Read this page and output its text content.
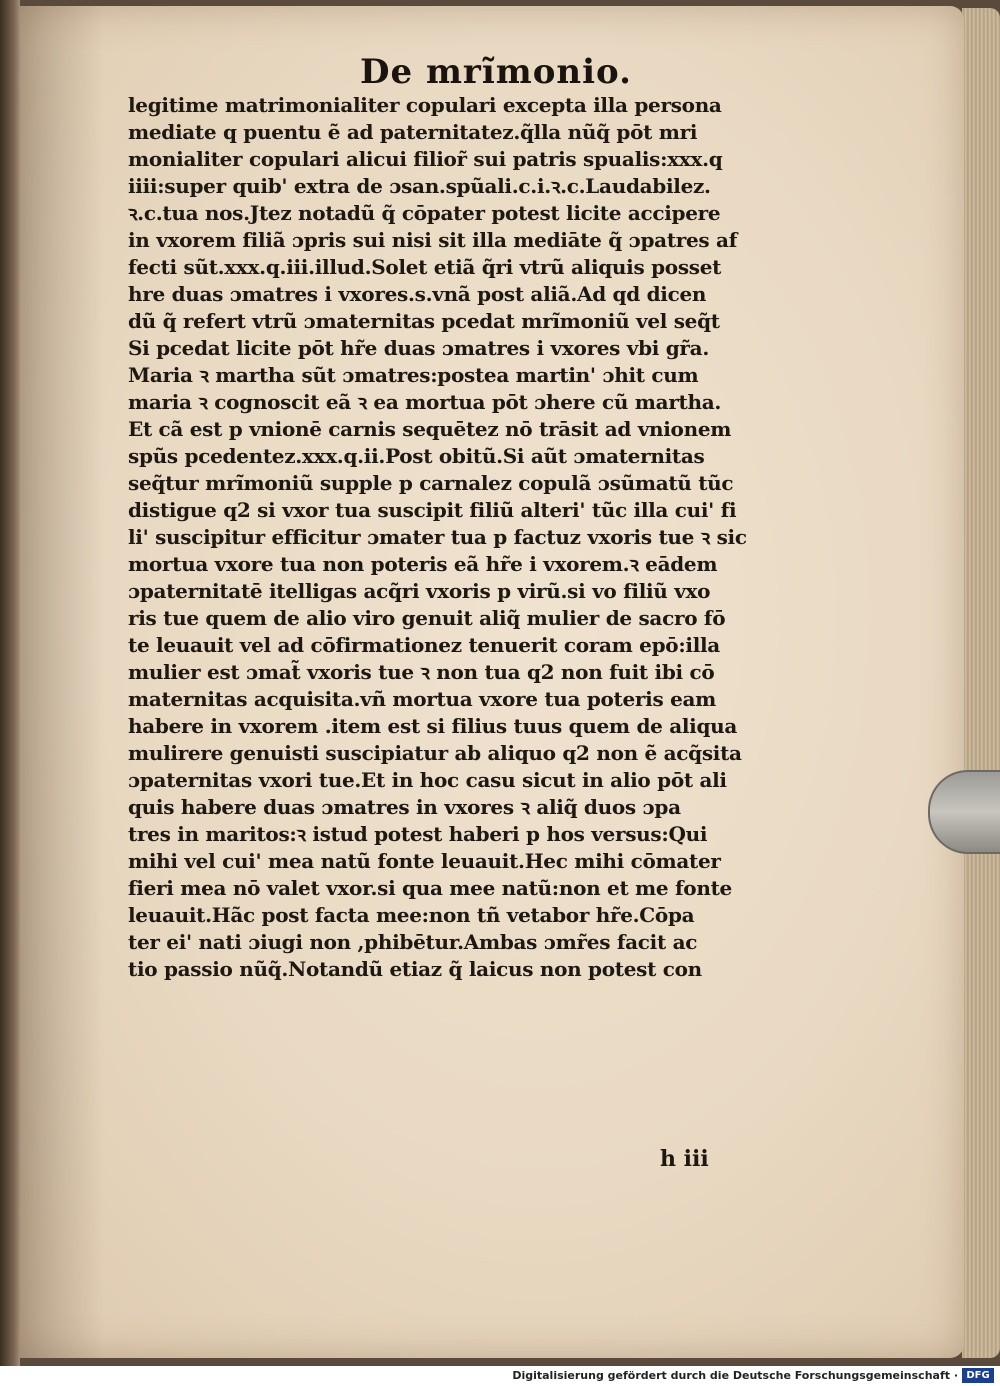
De mrĩmonio.
legitime matrimonialiter copulari excepta illa persona
mediate q puentu ẽ ad paternitatez.q̃lla nũq̃ pōt mri
monialiter copulari alicui filior̃ sui patris spualis:xxx.q
iiii:super quib' extra de ɔsan.spũali.c.i.ꝛ.c.Laudabilez.
ꝛ.c.tua nos.Jtez notadũ q̃ cōpater potest licite accipere
in vxorem filiã ɔpris sui nisi sit illa mediāte q̃ ɔpatres af
fecti sũt.xxx.q.iii.illud.Solet etiã q̃ri vtrũ aliquis posset
hre duas ɔmatres i vxores.s.vnã post aliã.Ad qd dicen
dũ q̃ refert vtrũ ɔmaternitas pcedat mrĩmoniũ vel seq̃t
Si pcedat licite pōt hr̃e duas ɔmatres i vxores vbi gr̃a.
Maria ꝛ martha sũt ɔmatres:postea martin' ɔhit cum
maria ꝛ cognoscit eã ꝛ ea mortua pōt ɔhere cũ martha.
Et cã est p vnionē carnis sequētez nō trāsit ad vnionem
spũs pcedentez.xxx.q.ii.Post obitũ.Si aũt ɔmaternitas
seq̃tur mrĩmoniũ supple p carnalez copulã ɔsũmatũ tũc
distigue q2 si vxor tua suscipit filiũ alteri' tũc illa cui' fi
li' suscipitur efficitur ɔmater tua p factuz vxoris tue ꝛ sic
mortua vxore tua non poteris eã hr̃e i vxorem.ꝛ eādem
ɔpaternitatē itelligas acq̃ri vxoris p virũ.si vo filiũ vxo
ris tue quem de alio viro genuit aliq̃ mulier de sacro fō
te leuauit vel ad cōfirmationez tenuerit coram epō:illa
mulier est ɔmat̃ vxoris tue ꝛ non tua q2 non fuit ibi cō
maternitas acquisita.vñ mortua vxore tua poteris eam
habere in vxorem .item est si filius tuus quem de aliqua
mulirere genuisti suscipiatur ab aliquo q2 non ẽ acq̃sita
ɔpaternitas vxori tue.Et in hoc casu sicut in alio pōt ali
quis habere duas ɔmatres in vxores ꝛ aliq̃ duos ɔpa
tres in maritos:ꝛ istud potest haberi p hos versus:Qui
mihi vel cui' mea natũ fonte leuauit.Hec mihi cōmater
fieri mea nō valet vxor.si qua mee natũ:non et me fonte
leuauit.Hãc post facta mee:non tñ vetabor hr̃e.Cōpa
ter ei' nati ɔiugi non ,phibētur.Ambas ɔmr̃es facit ac
tio passio nũq̃.Notandũ etiaz q̃ laicus non potest con
h iii
Digitalisierung gefördert durch die Deutsche Forschungsgemeinschaft · DFG
